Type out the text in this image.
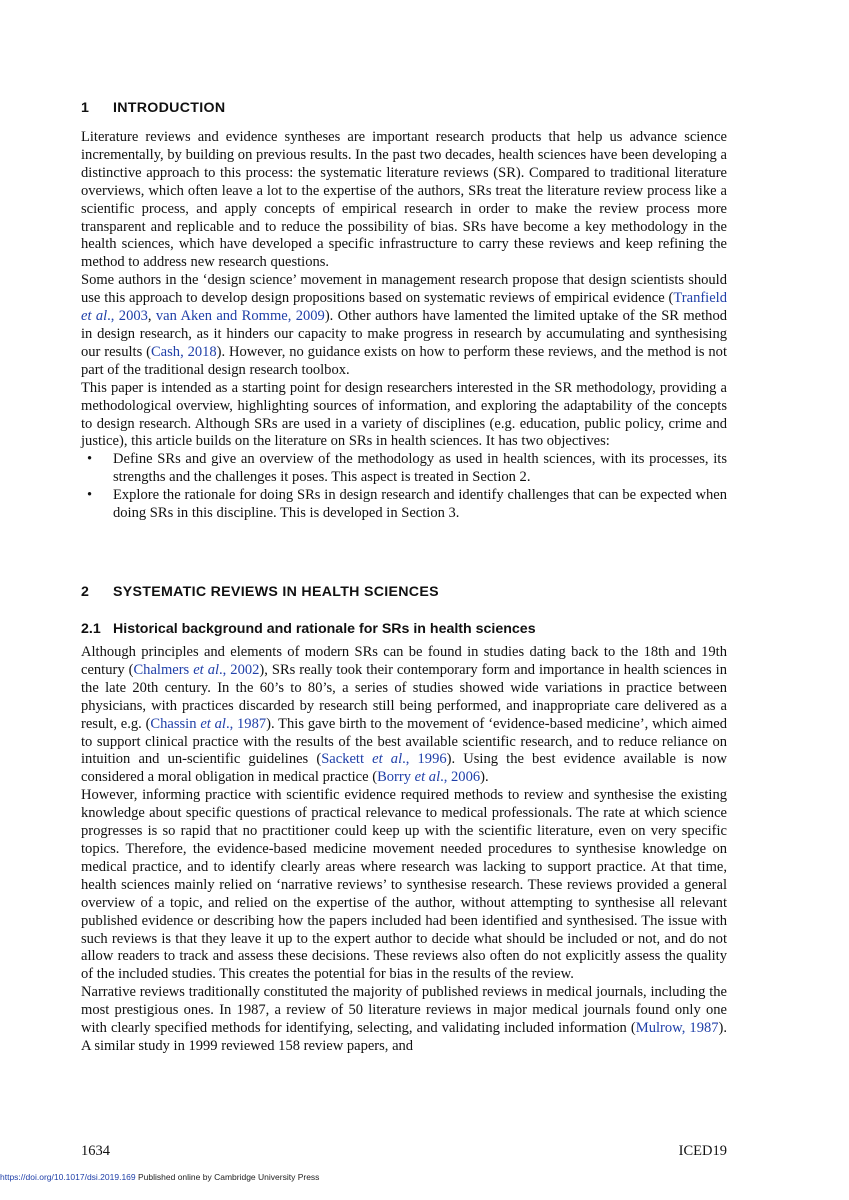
1 INTRODUCTION

Literature reviews and evidence syntheses are important research products that help us advance science incrementally, by building on previous results. In the past two decades, health sciences have been developing a distinctive approach to this process: the systematic literature reviews (SR). Compared to traditional literature overviews, which often leave a lot to the expertise of the authors, SRs treat the literature review process like a scientific process, and apply concepts of empirical research in order to make the review process more transparent and replicable and to reduce the possibility of bias. SRs have become a key methodology in the health sciences, which have developed a specific infrastructure to carry these reviews and keep refining the method to address new research questions.

Some authors in the ‘design science’ movement in management research propose that design scientists should use this approach to develop design propositions based on systematic reviews of empirical evidence (Tranfield et al., 2003, van Aken and Romme, 2009). Other authors have lamented the limited uptake of the SR method in design research, as it hinders our capacity to make progress in research by accumulating and synthesising our results (Cash, 2018). However, no guidance exists on how to perform these reviews, and the method is not part of the traditional design research toolbox.

This paper is intended as a starting point for design researchers interested in the SR methodology, providing a methodological overview, highlighting sources of information, and exploring the adaptability of the concepts to design research. Although SRs are used in a variety of disciplines (e.g. education, public policy, crime and justice), this article builds on the literature on SRs in health sciences. It has two objectives:

• Define SRs and give an overview of the methodology as used in health sciences, with its processes, its strengths and the challenges it poses. This aspect is treated in Section 2.
• Explore the rationale for doing SRs in design research and identify challenges that can be expected when doing SRs in this discipline. This is developed in Section 3.
2 SYSTEMATIC REVIEWS IN HEALTH SCIENCES
2.1 Historical background and rationale for SRs in health sciences

Although principles and elements of modern SRs can be found in studies dating back to the 18th and 19th century (Chalmers et al., 2002), SRs really took their contemporary form and importance in health sciences in the late 20th century. In the 60’s to 80’s, a series of studies showed wide variations in practice between physicians, with practices discarded by research still being performed, and inappropriate care delivered as a result, e.g. (Chassin et al., 1987). This gave birth to the movement of ‘evidence-based medicine’, which aimed to support clinical practice with the results of the best available scientific research, and to reduce reliance on intuition and un-scientific guidelines (Sackett et al., 1996). Using the best evidence available is now considered a moral obligation in medical practice (Borry et al., 2006).

However, informing practice with scientific evidence required methods to review and synthesise the existing knowledge about specific questions of practical relevance to medical professionals. The rate at which science progresses is so rapid that no practitioner could keep up with the scientific literature, even on very specific topics. Therefore, the evidence-based medicine movement needed procedures to synthesise knowledge on medical practice, and to identify clearly areas where research was lacking to support practice. At that time, health sciences mainly relied on ‘narrative reviews’ to synthesise research. These reviews provided a general overview of a topic, and relied on the expertise of the author, without attempting to synthesise all relevant published evidence or describing how the papers included had been identified and synthesised. The issue with such reviews is that they leave it up to the expert author to decide what should be included or not, and do not allow readers to track and assess these decisions. These reviews also often do not explicitly assess the quality of the included studies. This creates the potential for bias in the results of the review.

Narrative reviews traditionally constituted the majority of published reviews in medical journals, including the most prestigious ones. In 1987, a review of 50 literature reviews in major medical journals found only one with clearly specified methods for identifying, selecting, and validating included information (Mulrow, 1987). A similar study in 1999 reviewed 158 review papers, and

1634	ICED19
https://doi.org/10.1017/dsi.2019.169 Published online by Cambridge University Press
